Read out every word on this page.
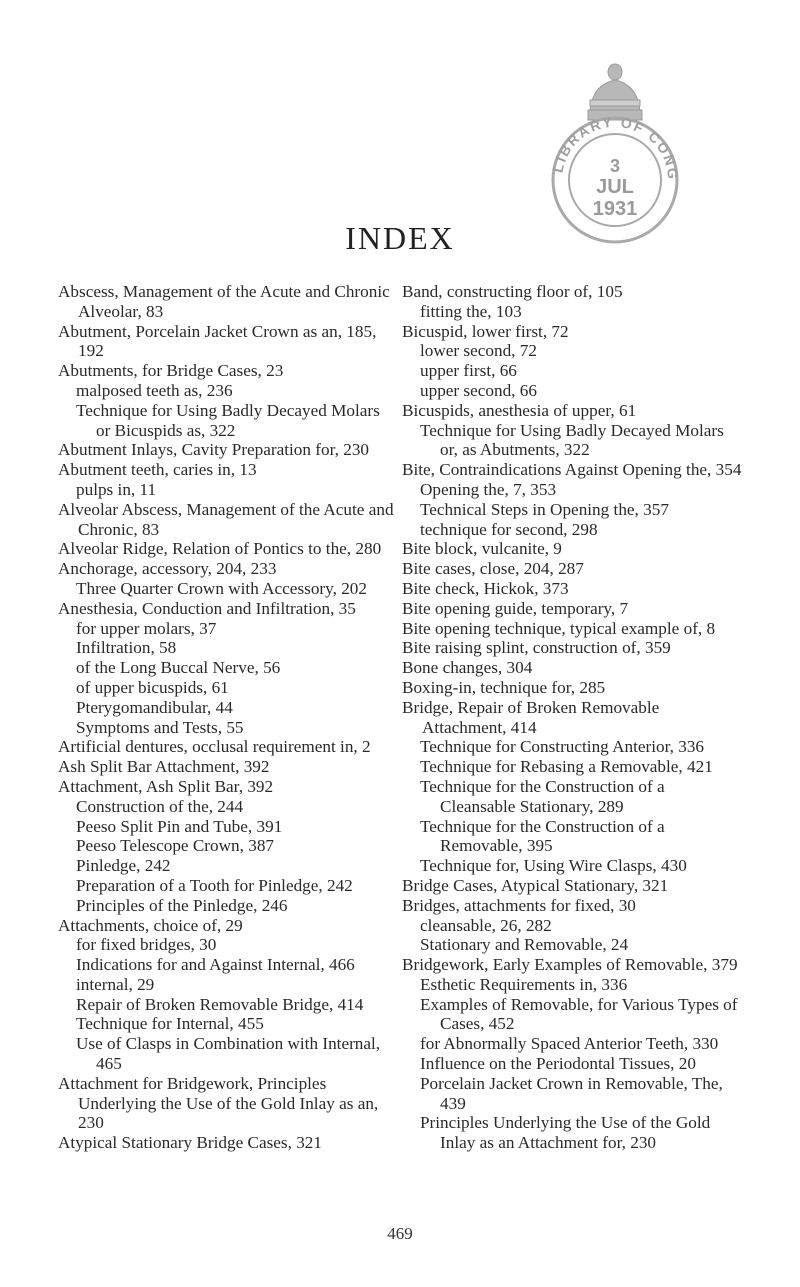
LIBRARY OF CONG
3
JUL
1931
INDEX

Abscess, Management of the Acute and Chronic Alveolar, 83

Abutment, Porcelain Jacket Crown as an, 185, 192

Abutments, for Bridge Cases, 23

malposed teeth as, 236

Technique for Using Badly Decayed Molars or Bicuspids as, 322

Abutment Inlays, Cavity Preparation for, 230

Abutment teeth, caries in, 13

pulps in, 11

Alveolar Abscess, Management of the Acute and Chronic, 83

Alveolar Ridge, Relation of Pontics to the, 280

Anchorage, accessory, 204, 233

Three Quarter Crown with Accessory, 202

Anesthesia, Conduction and Infiltration, 35

for upper molars, 37

Infiltration, 58

of the Long Buccal Nerve, 56

of upper bicuspids, 61

Pterygomandibular, 44

Symptoms and Tests, 55

Artificial dentures, occlusal requirement in, 2

Ash Split Bar Attachment, 392

Attachment, Ash Split Bar, 392

Construction of the, 244

Peeso Split Pin and Tube, 391

Peeso Telescope Crown, 387

Pinledge, 242

Preparation of a Tooth for Pinledge, 242

Principles of the Pinledge, 246

Attachments, choice of, 29

for fixed bridges, 30

Indications for and Against Internal, 466

internal, 29

Repair of Broken Removable Bridge, 414

Technique for Internal, 455

Use of Clasps in Combination with Internal, 465

Attachment for Bridgework, Principles Underlying the Use of the Gold Inlay as an, 230

Atypical Stationary Bridge Cases, 321

Band, constructing floor of, 105

fitting the, 103

Bicuspid, lower first, 72

lower second, 72

upper first, 66

upper second, 66

Bicuspids, anesthesia of upper, 61

Technique for Using Badly Decayed Molars or, as Abutments, 322

Bite, Contraindications Against Opening the, 354

Opening the, 7, 353

Technical Steps in Opening the, 357

technique for second, 298

Bite block, vulcanite, 9

Bite cases, close, 204, 287

Bite check, Hickok, 373

Bite opening guide, temporary, 7

Bite opening technique, typical example of, 8

Bite raising splint, construction of, 359

Bone changes, 304

Boxing-in, technique for, 285

Bridge, Repair of Broken Removable Attachment, 414

Technique for Constructing Anterior, 336

Technique for Rebasing a Removable, 421

Technique for the Construction of a Cleansable Stationary, 289

Technique for the Construction of a Removable, 395

Technique for, Using Wire Clasps, 430

Bridge Cases, Atypical Stationary, 321

Bridges, attachments for fixed, 30

cleansable, 26, 282

Stationary and Removable, 24

Bridgework, Early Examples of Removable, 379

Esthetic Requirements in, 336

Examples of Removable, for Various Types of Cases, 452

for Abnormally Spaced Anterior Teeth, 330

Influence on the Periodontal Tissues, 20

Porcelain Jacket Crown in Removable, The, 439

Principles Underlying the Use of the Gold Inlay as an Attachment for, 230

469
